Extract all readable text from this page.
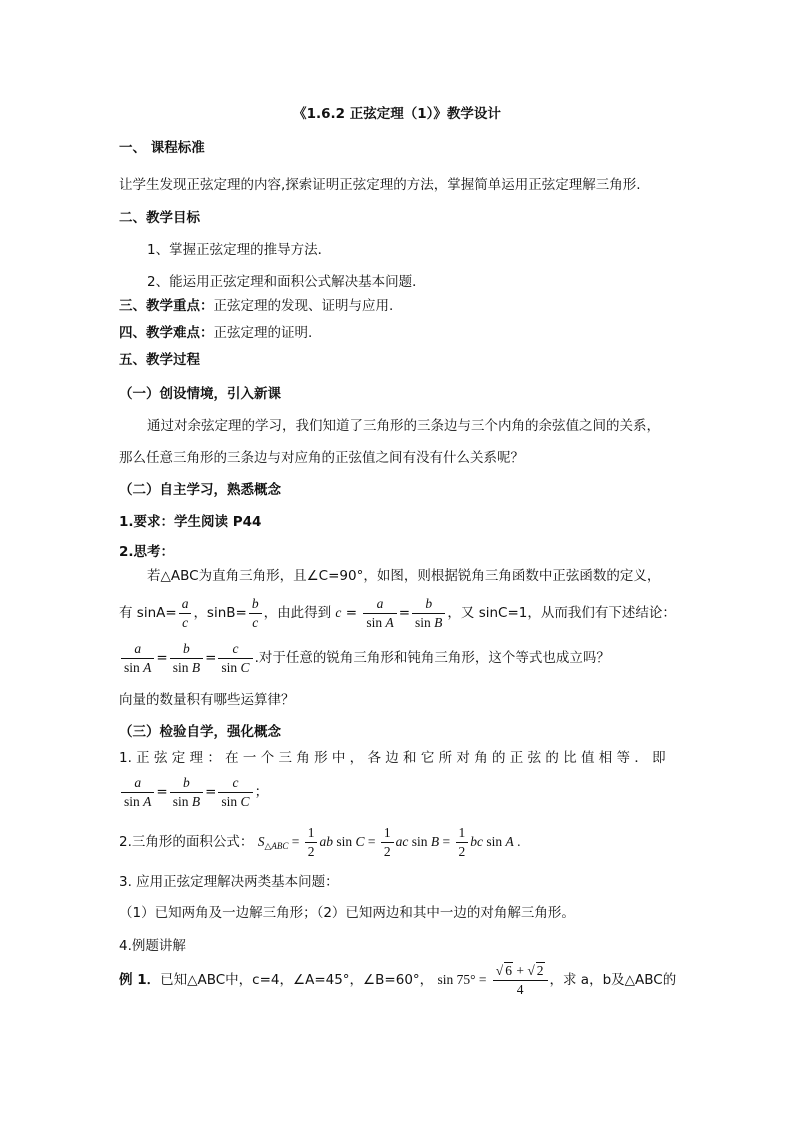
《1.6.2 正弦定理（1）》教学设计
一、 课程标准
让学生发现正弦定理的内容,探索证明正弦定理的方法，掌握简单运用正弦定理解三角形.
二、教学目标
1、掌握正弦定理的推导方法．
2、能运用正弦定理和面积公式解决基本问题．
三、教学重点：正弦定理的发现、证明与应用.
四、教学难点：正弦定理的证明.
五、教学过程
（一）创设情境，引入新课
通过对余弦定理的学习，我们知道了三角形的三条边与三个内角的余弦值之间的关系，
那么任意三角形的三条边与对应角的正弦值之间有没有什么关系呢？
（二）自主学习，熟悉概念
1.要求：学生阅读 P44
2.思考：
若△ABC为直角三角形，且∠C=90°，如图，则根据锐角三角函数中正弦函数的定义，
有 $\sin A= \frac{a}{c}$ ，$\sin B= \frac{b}{c}$ ，由此得到 $c = \frac{a}{\text{sin A}} = \frac{b}{\text{sin B}}$ ，又 sinC=1，从而我们有下述结论：
$\frac{a}{\text{sin A}} = \frac{b}{\text{sin B}} = \frac{c}{\text{sin C}}$ .对于任意的锐角三角形和钝角三角形，这个等式也成立吗？
向量的数量积有哪些运算律？
（三）检验自学，强化概念
1. 正 弦 定 理 ： 在 一 个 三 角 形 中 ， 各 边 和 它 所 对 角 的 正 弦 的 比 值 相 等 ． 即
$\frac{a}{\text{sin A}} = \frac{b}{\text{sin B}} = \frac{c}{\text{sin C}}$ ；
2.三角形的面积公式： $S_{\triangle ABC} = \frac{1}{2}$ ab $\sin C = \frac{1}{2}$ ac $\sin B = \frac{1}{2}$ bc sin A .
3. 应用正弦定理解决两类基本问题：
（1）已知两角及一边解三角形；（2）已知两边和其中一边的对角解三角形。
4.例题讲解
例 1．已知△ABC中，c=4，∠A=45°，∠B=60°， $\sin 75^\circ = \frac{√ 6 + √ 2}{4}$ ，求 a，b及△ABC的
